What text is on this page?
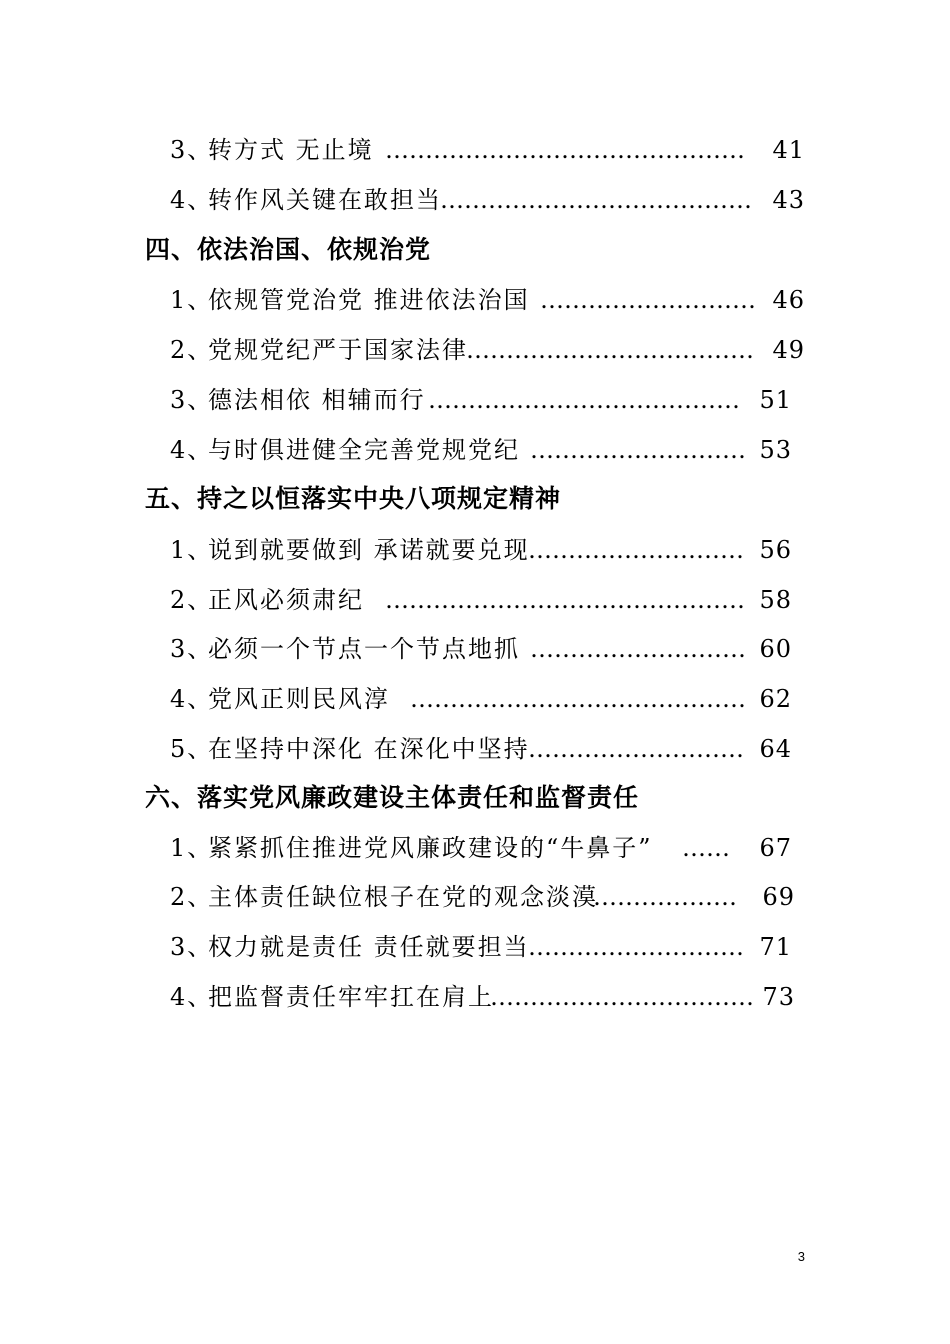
3、
转方式 无止境 ……………………………………… 41
4、
转作风关键在敢担当
………………………………… 43
四、依法治国、依规治党
1、
依规管党治党 推进依法治国 ……………………… 46
2、
党规党纪严于国家法律
……………………………… 49
3、
德法相依 相辅而行 ………………………………… 51
4、
与时俱进健全完善党规党纪 ……………………… 53
五、持之以恒落实中央八项规定精神
1、
说到就要做到 承诺就要兑现
……………………… 56
2、
正风必须肃纪 ……………………………………… 58
3、
必须一个节点一个节点地抓 ……………………… 60
4、
党风正则民风淳 …………………………………… 62
5、
在坚持中深化 在深化中坚持
……………………… 64
六、落实党风廉政建设主体责任和监督责任
1、
紧紧抓住推进党风廉政建设的“牛鼻子” …… 67
2、
主体责任缺位根子在党的观念淡漠
……………… 69
3、
权力就是责任 责任就要担当
……………………… 71
4、
把监督责任牢牢扛在肩上
…………………………… 73
3
